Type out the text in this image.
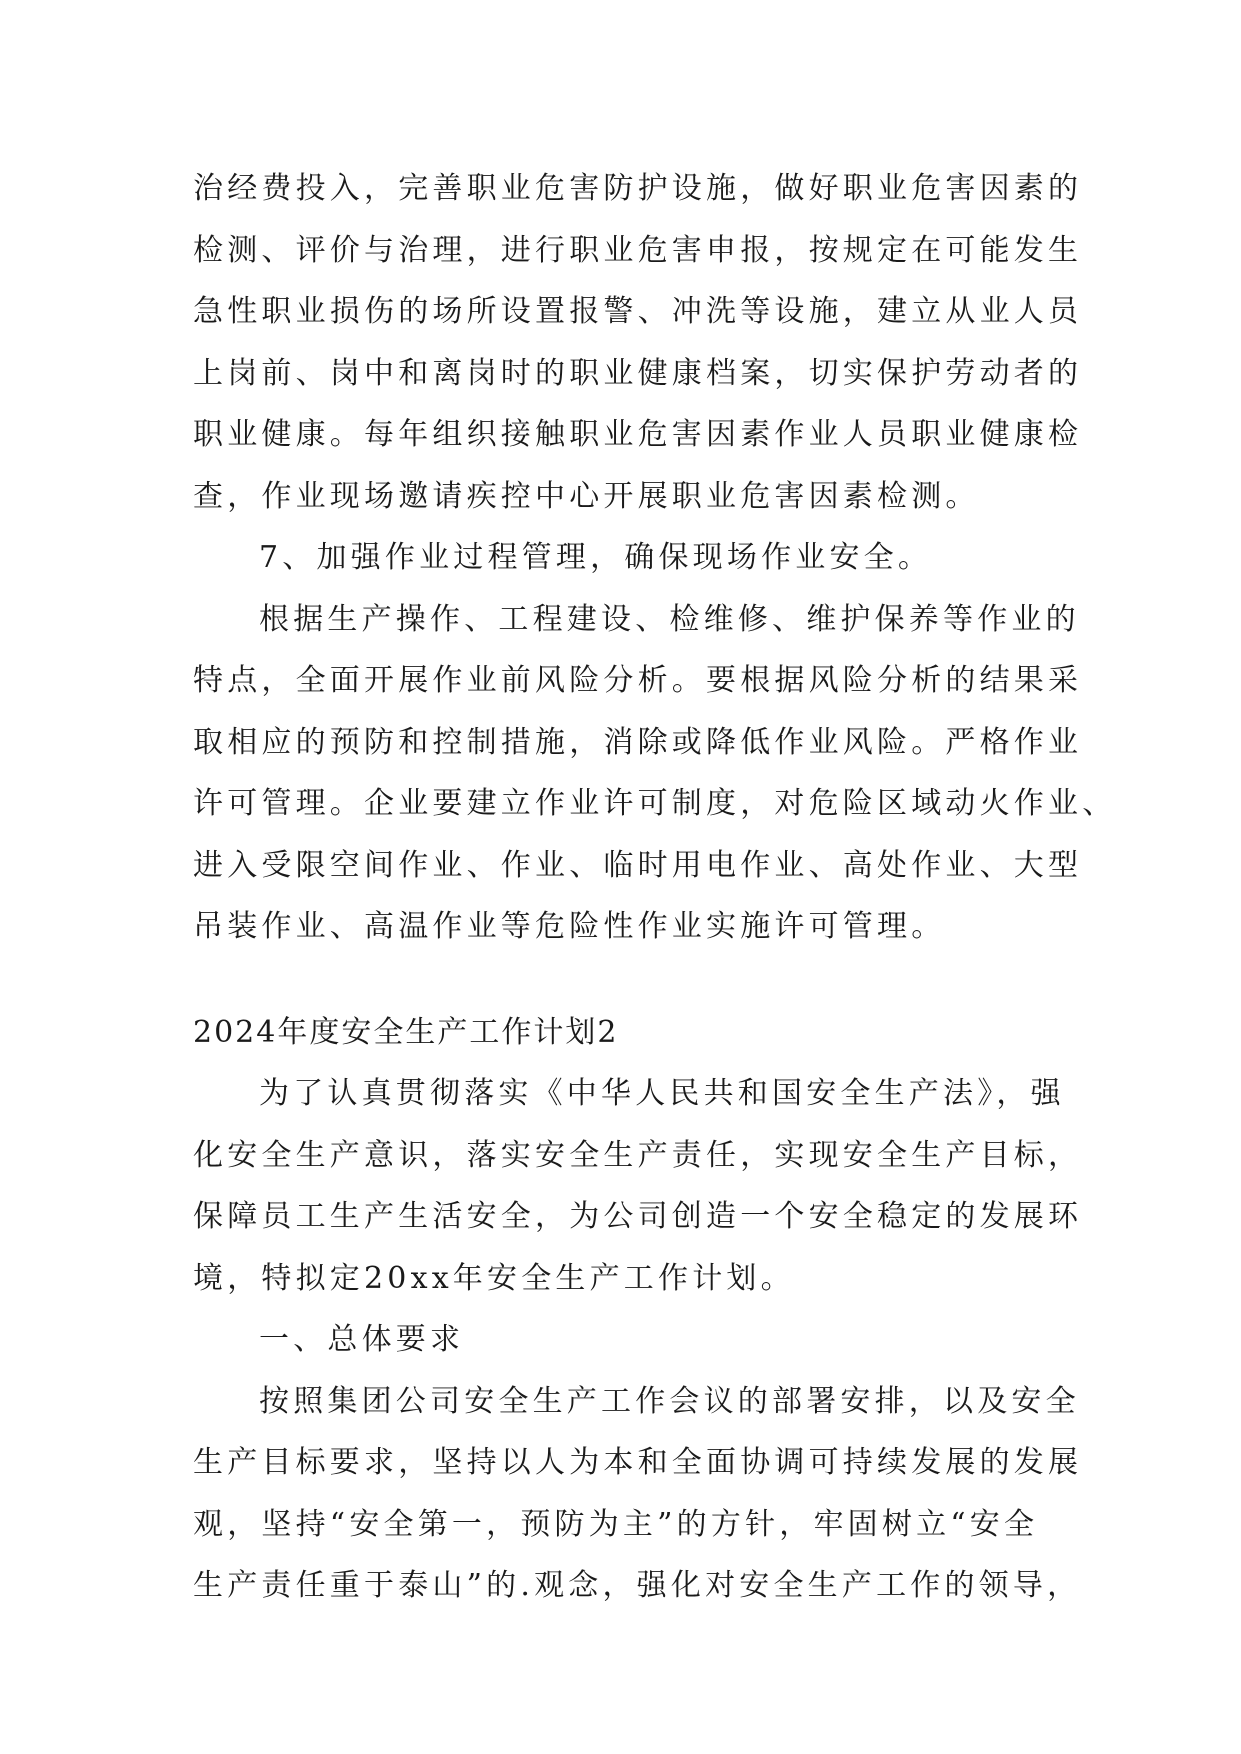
治经费投入，完善职业危害防护设施，做好职业危害因素的
检测、评价与治理，进行职业危害申报，按规定在可能发生
急性职业损伤的场所设置报警、冲洗等设施，建立从业人员
上岗前、岗中和离岗时的职业健康档案，切实保护劳动者的
职业健康。每年组织接触职业危害因素作业人员职业健康检
查，作业现场邀请疾控中心开展职业危害因素检测。
7、加强作业过程管理，确保现场作业安全。
根据生产操作、工程建设、检维修、维护保养等作业的
特点，全面开展作业前风险分析。要根据风险分析的结果采
取相应的预防和控制措施，消除或降低作业风险。严格作业
许可管理。企业要建立作业许可制度，对危险区域动火作业、
进入受限空间作业、作业、临时用电作业、高处作业、大型
吊装作业、高温作业等危险性作业实施许可管理。
2024年度安全生产工作计划2
为了认真贯彻落实《中华人民共和国安全生产法》，强
化安全生产意识，落实安全生产责任，实现安全生产目标，
保障员工生产生活安全，为公司创造一个安全稳定的发展环
境，特拟定20xx年安全生产工作计划。
一、总体要求
按照集团公司安全生产工作会议的部署安排，以及安全
生产目标要求，坚持以人为本和全面协调可持续发展的发展
观，坚持“安全第一，预防为主”的方针，牢固树立“安全
生产责任重于泰山”的.观念，强化对安全生产工作的领导，
